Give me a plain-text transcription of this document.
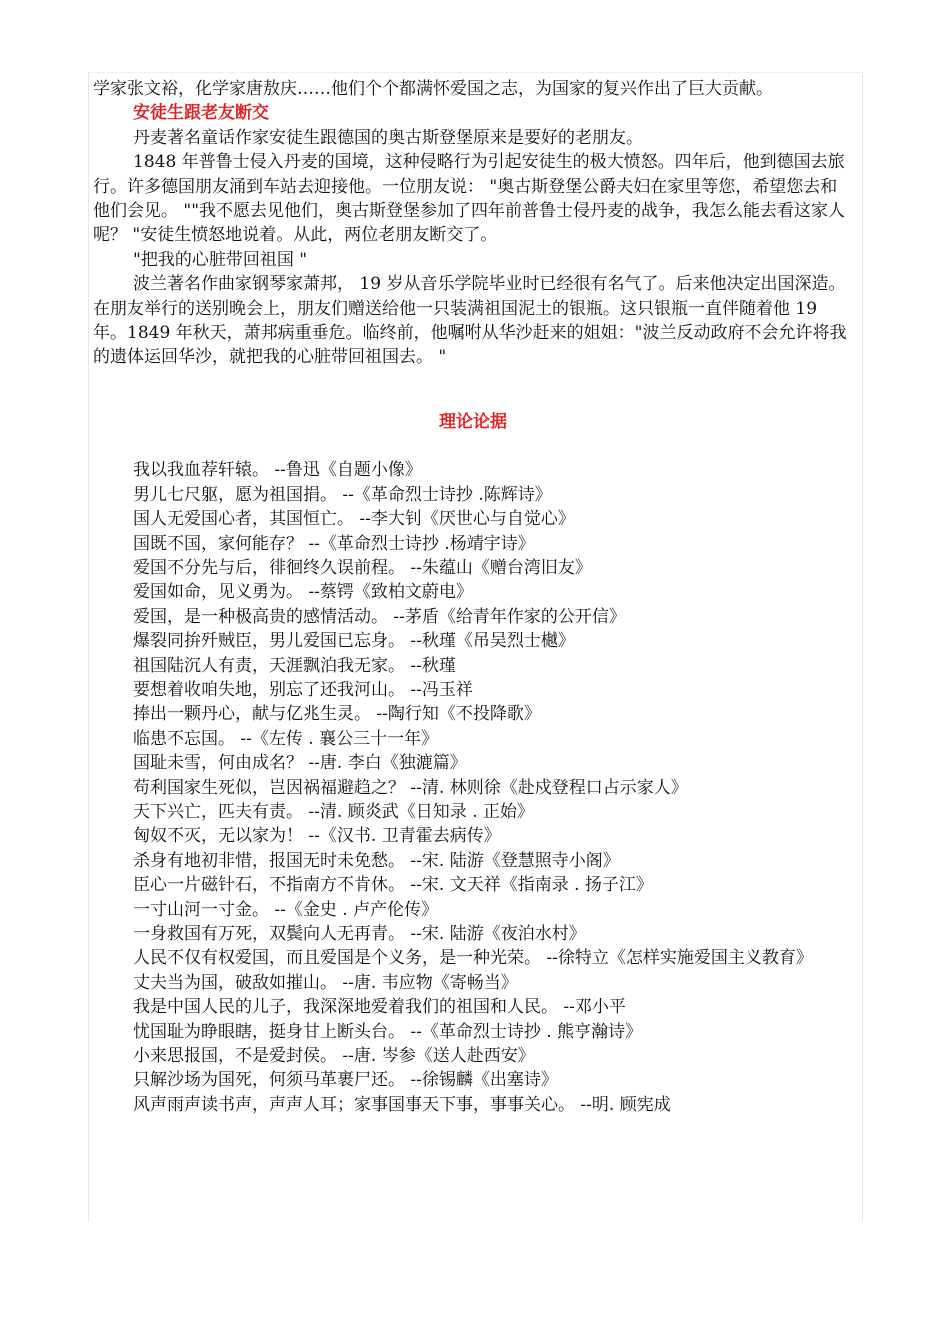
学家张文裕，化学家唐敖庆……他们个个都满怀爱国之志，为国家的复兴作出了巨大贡献。

安徒生跟老友断交

丹麦著名童话作家安徒生跟德国的奥古斯登堡原来是要好的老朋友。

1848 年普鲁士侵入丹麦的国境，这种侵略行为引起安徒生的极大愤怒。四年后，他到德国去旅行。许多德国朋友涌到车站去迎接他。一位朋友说： "奥古斯登堡公爵夫妇在家里等您，希望您去和他们会见。 ""我不愿去见他们，奥古斯登堡参加了四年前普鲁士侵丹麦的战争，我怎么能去看这家人呢？ "安徒生愤怒地说着。从此，两位老朋友断交了。

"把我的心脏带回祖国 "

波兰著名作曲家钢琴家萧邦， 19 岁从音乐学院毕业时已经很有名气了。后来他决定出国深造。在朋友举行的送别晚会上，朋友们赠送给他一只装满祖国泥土的银瓶。这只银瓶一直伴随着他 19 年。1849 年秋天，萧邦病重垂危。临终前，他嘱咐从华沙赶来的姐姐："波兰反动政府不会允许将我的遗体运回华沙，就把我的心脏带回祖国去。 "

理论论据

我以我血荐轩辕。 --鲁迅《自题小像》

男儿七尺躯，愿为祖国捐。 --《革命烈士诗抄 .陈辉诗》

国人无爱国心者，其国恒亡。 --李大钊《厌世心与自觉心》

国既不国，家何能存？ --《革命烈士诗抄 .杨靖宇诗》

爱国不分先与后，徘徊终久误前程。 --朱蕴山《赠台湾旧友》

爱国如命，见义勇为。 --蔡锷《致柏文蔚电》

爱国，是一种极高贵的感情活动。 --茅盾《给青年作家的公开信》

爆裂同拚歼贼臣，男儿爱国已忘身。 --秋瑾《吊吴烈士樾》

祖国陆沉人有责，天涯飘泊我无家。 --秋瑾

要想着收咱失地，别忘了还我河山。 --冯玉祥

捧出一颗丹心，献与亿兆生灵。 --陶行知《不投降歌》

临患不忘国。 --《左传 . 襄公三十一年》

国耻未雪，何由成名？ --唐. 李白《独漉篇》

苟利国家生死似，岂因祸福避趋之？ --清. 林则徐《赴戍登程口占示家人》

天下兴亡，匹夫有责。 --清. 顾炎武《日知录 . 正始》

匈奴不灭，无以家为！ --《汉书. 卫青霍去病传》

杀身有地初非惜，报国无时未免愁。 --宋. 陆游《登慧照寺小阁》

臣心一片磁针石，不指南方不肯休。 --宋. 文天祥《指南录 . 扬子江》

一寸山河一寸金。 --《金史 . 卢产伦传》

一身救国有万死，双鬓向人无再青。 --宋. 陆游《夜泊水村》

人民不仅有权爱国，而且爱国是个义务，是一种光荣。 --徐特立《怎样实施爱国主义教育》

丈夫当为国，破敌如摧山。 --唐. 韦应物《寄畅当》

我是中国人民的儿子，我深深地爱着我们的祖国和人民。 --邓小平

忧国耻为睁眼瞎，挺身甘上断头台。 --《革命烈士诗抄 . 熊亨瀚诗》

小来思报国，不是爱封侯。 --唐. 岑参《送人赴西安》

只解沙场为国死，何须马革裹尸还。 --徐锡麟《出塞诗》

风声雨声读书声，声声人耳；家事国事天下事，事事关心。 --明. 顾宪成
